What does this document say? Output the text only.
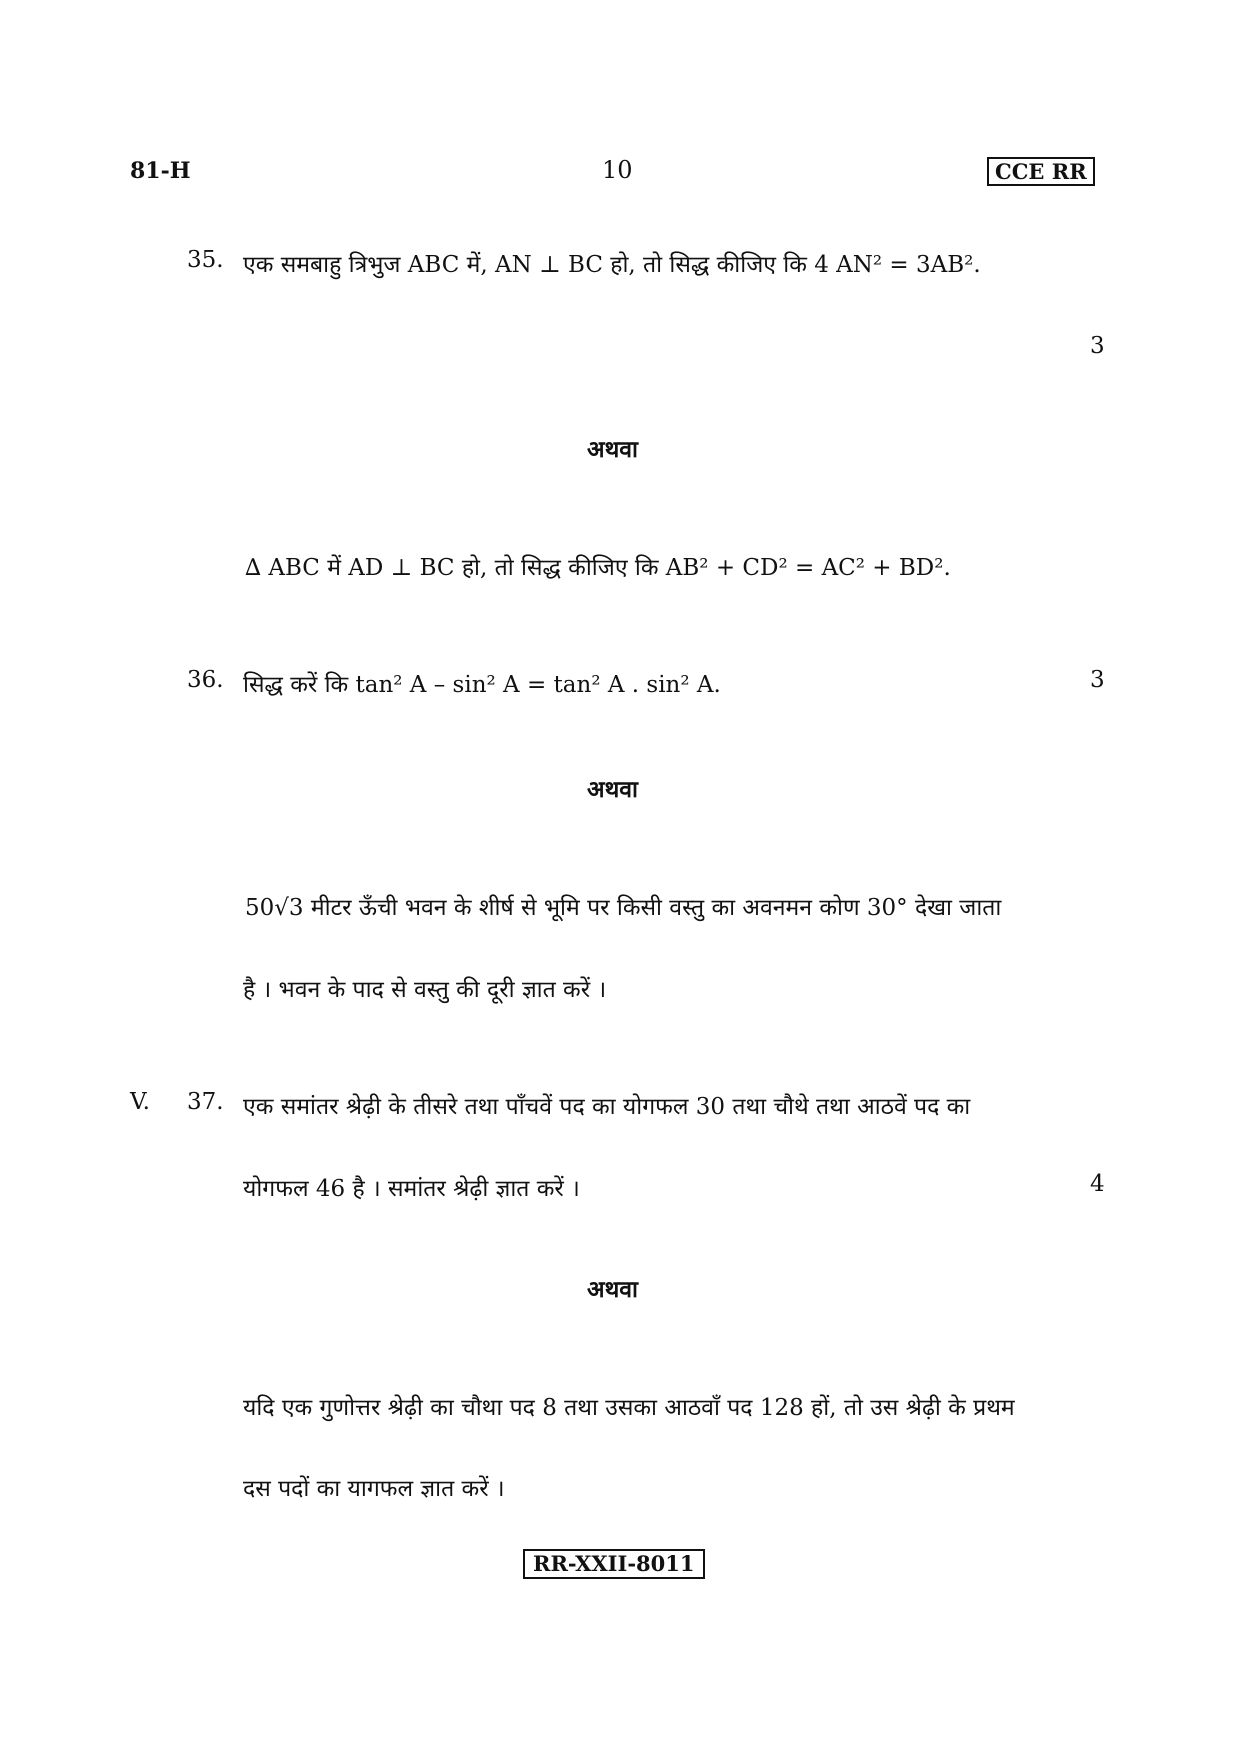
81-H	10	CCE RR
35. एक समबाहु त्रिभुज ABC में, AN ⊥ BC हो, तो सिद्ध कीजिए कि 4 AN² = 3AB².
3
अथवा
∆ ABC में AD ⊥ BC हो, तो सिद्ध कीजिए कि AB² + CD² = AC² + BD².
36. सिद्ध करें कि tan² A – sin² A = tan² A . sin² A.	3
अथवा
50√3 मीटर ऊँची भवन के शीर्ष से भूमि पर किसी वस्तु का अवनमन कोण 30° देखा जाता
है । भवन के पाद से वस्तु की दूरी ज्ञात करें ।
V. 37. एक समांतर श्रेढ़ी के तीसरे तथा पाँचवें पद का योगफल 30 तथा चौथे तथा आठवें पद का
योगफल 46 है । समांतर श्रेढ़ी ज्ञात करें ।	4
अथवा
यदि एक गुणोत्तर श्रेढ़ी का चौथा पद 8 तथा उसका आठवाँ पद 128 हों, तो उस श्रेढ़ी के प्रथम
दस पदों का यागफल ज्ञात करें ।
RR-XXII-8011
